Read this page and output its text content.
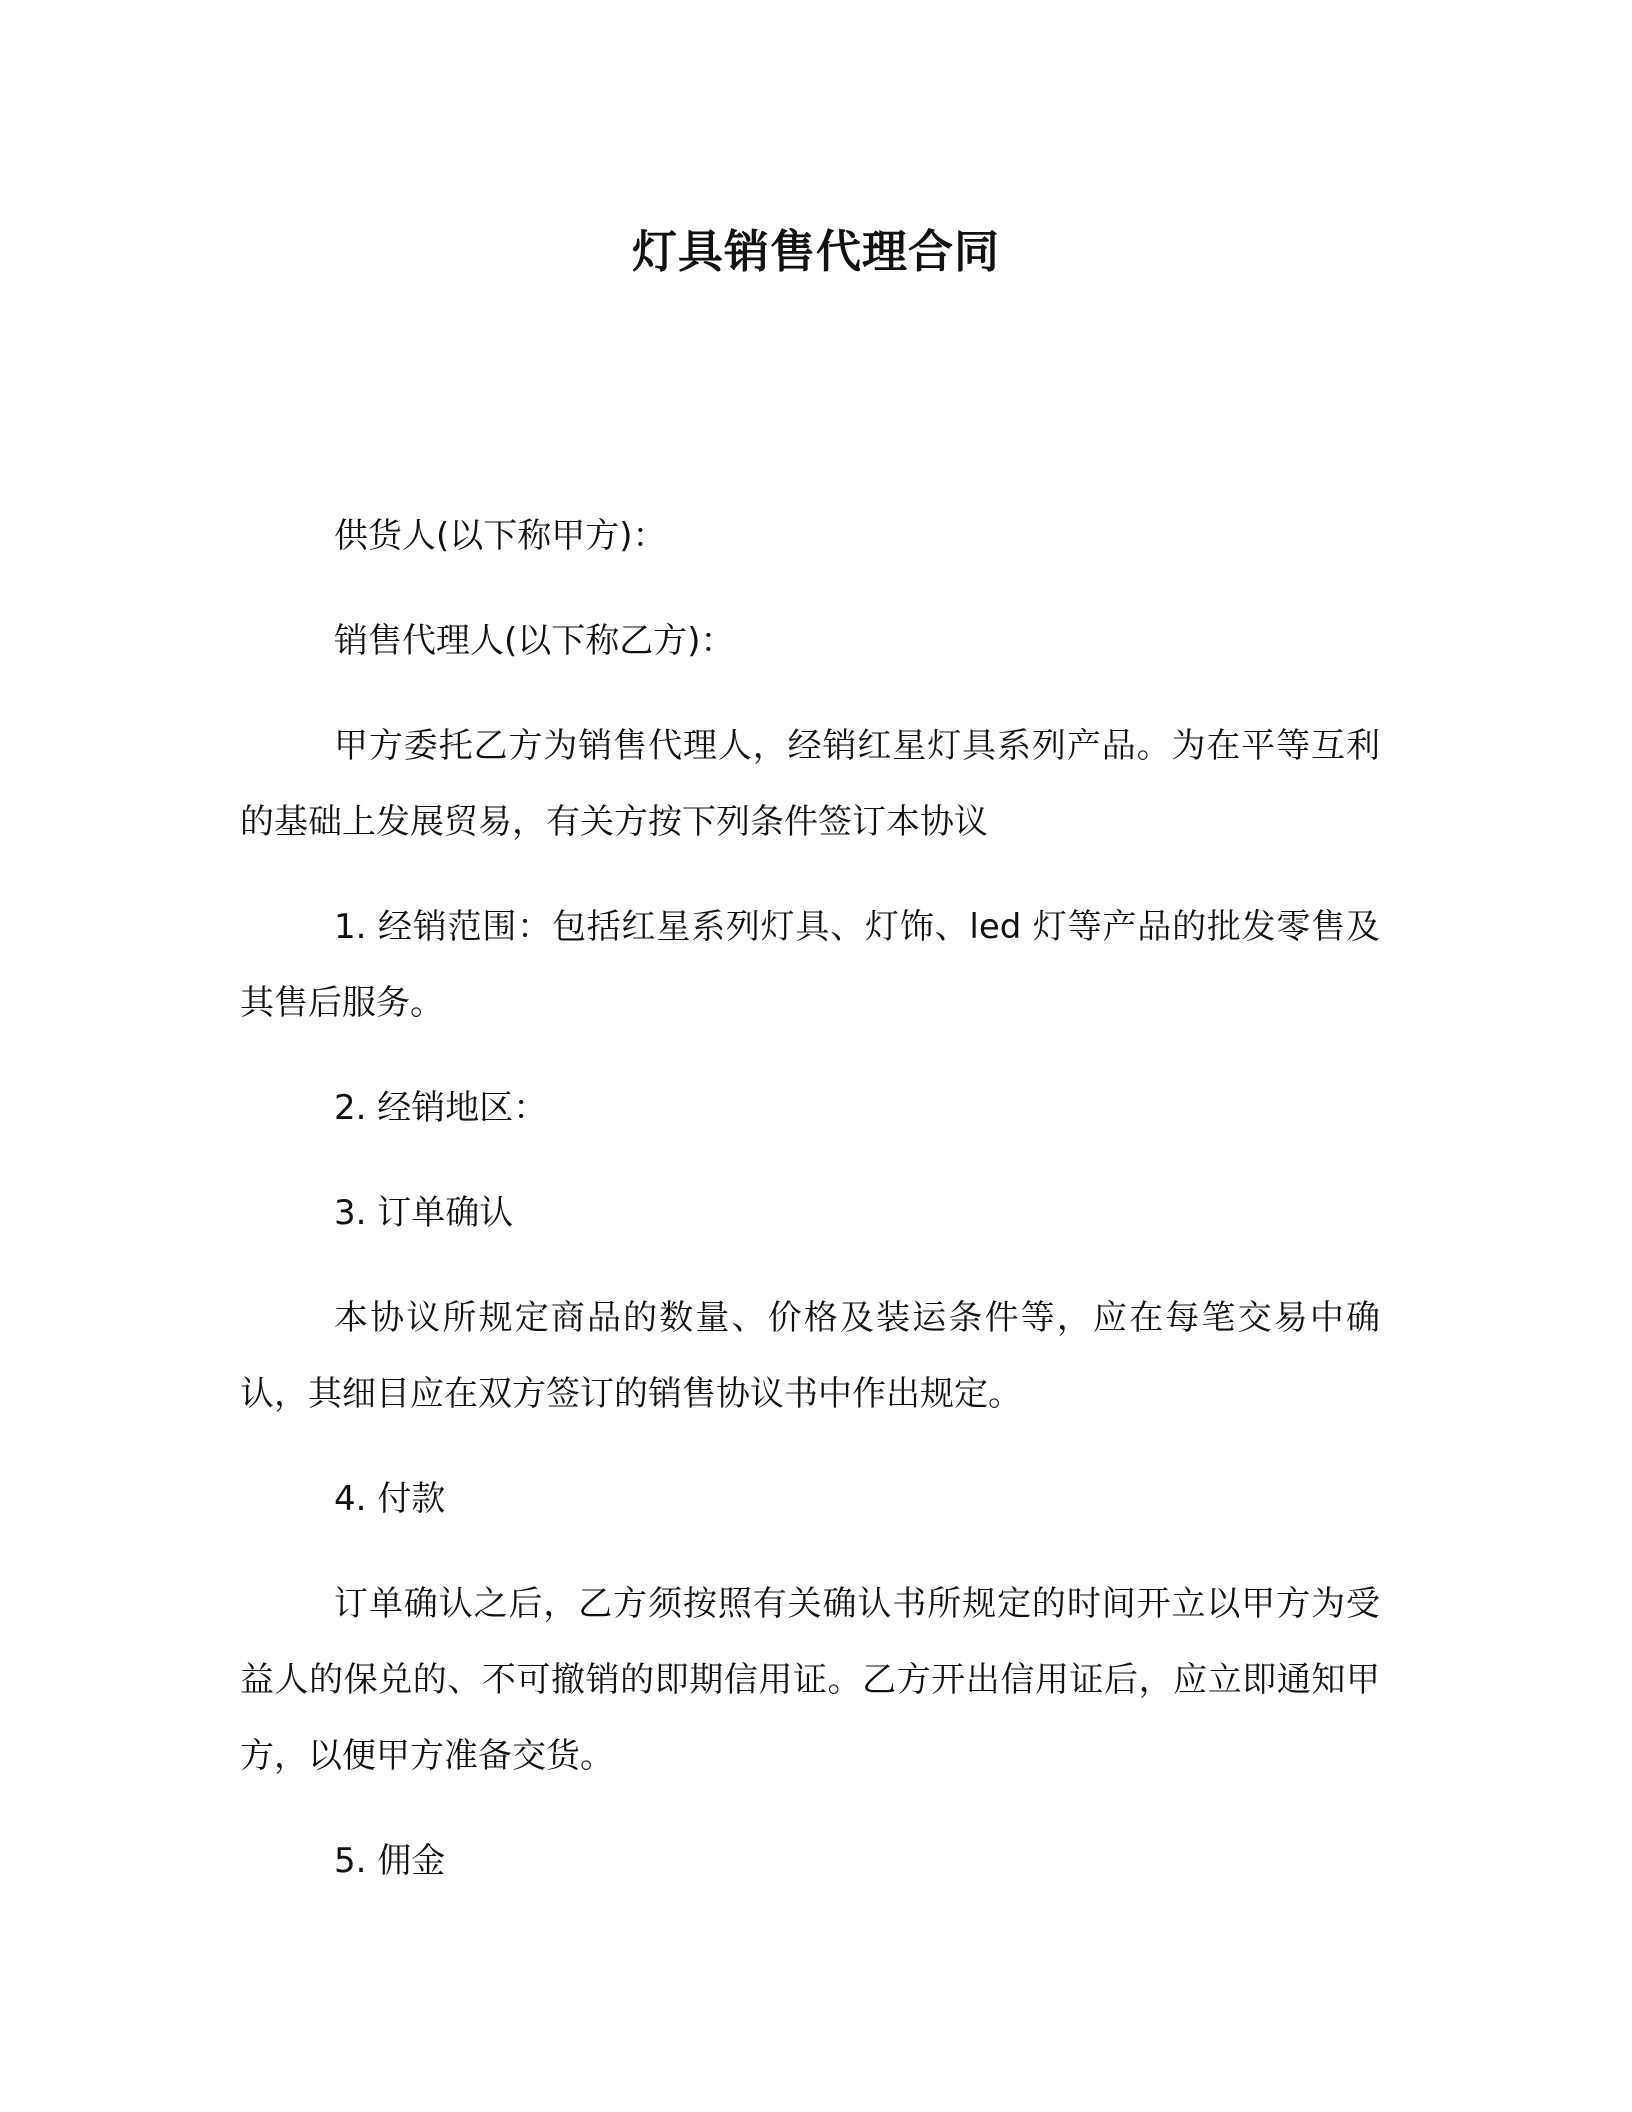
灯具销售代理合同

供货人(以下称甲方)：

销售代理人(以下称乙方)：

甲方委托乙方为销售代理人，经销红星灯具系列产品。为在平等互利的基础上发展贸易，有关方按下列条件签订本协议

1. 经销范围：包括红星系列灯具、灯饰、led 灯等产品的批发零售及其售后服务。

2. 经销地区：

3. 订单确认

本协议所规定商品的数量、价格及装运条件等，应在每笔交易中确认，其细目应在双方签订的销售协议书中作出规定。

4. 付款

订单确认之后，乙方须按照有关确认书所规定的时间开立以甲方为受益人的保兑的、不可撤销的即期信用证。乙方开出信用证后，应立即通知甲方，以便甲方准备交货。

5. 佣金
